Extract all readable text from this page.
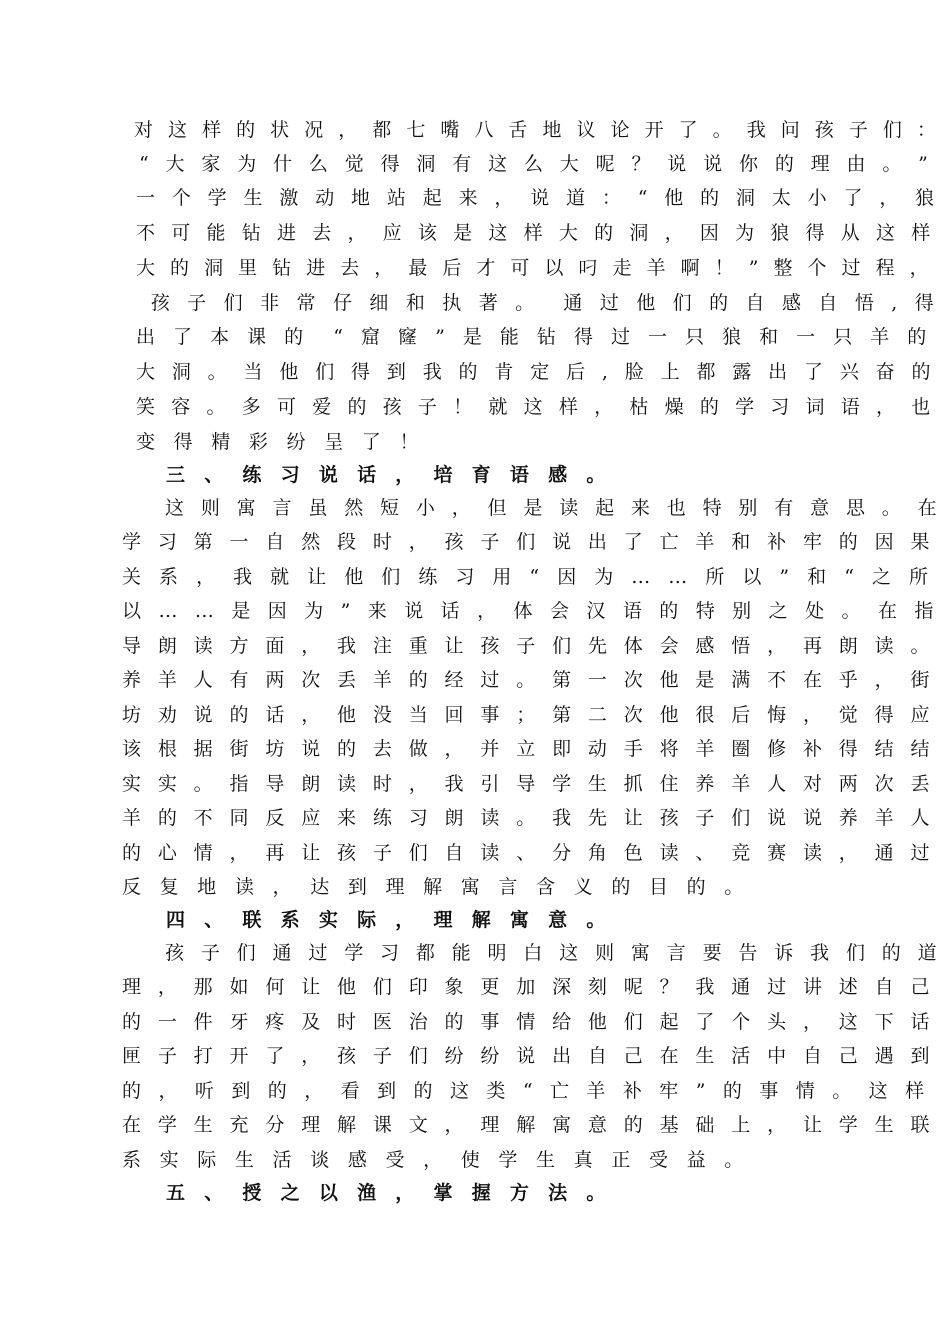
对 这 样 的 状 况 ， 都 七 嘴 八 舌 地 议 论 开 了 。 我 问 孩 子 们 ：
“ 大 家 为 什 么 觉 得 洞 有 这 么 大 呢 ？ 说 说 你 的 理 由 。 ”
一 个 学 生 激 动 地 站 起 来 ， 说 道 ： “ 他 的 洞 太 小 了 ， 狼
不 可 能 钻 进 去 ， 应 该 是 这 样 大 的 洞 ， 因 为 狼 得 从 这 样
大 的 洞 里 钻 进 去 ， 最 后 才 可 以 叼 走 羊 啊 ！ ” 整 个 过 程 ，
孩 子 们 非 常 仔 细 和 执 著 。  通 过 他 们 的 自 感 自 悟 , 得
出 了 本 课 的  “ 窟 窿 ” 是 能 钻 得 过 一 只 狼 和 一 只 羊 的
大 洞 。 当 他 们 得 到 我 的 肯 定 后 , 脸 上 都 露 出 了 兴 奋 的
笑 容 。 多 可 爱 的 孩 子 ！ 就 这 样 ， 枯 燥 的 学 习 词 语 ， 也
变 得 精 彩 纷 呈 了 ！
三 、 练 习 说 话 ， 培 育 语 感 。
这 则 寓 言 虽 然 短 小 ， 但 是 读 起 来 也 特 别 有 意 思 。 在
学 习 第 一 自 然 段 时 ， 孩 子 们 说 出 了 亡 羊 和 补 牢 的 因 果
关 系 ， 我 就 让 他 们 练 习 用 “ 因 为 … … 所 以 ” 和 “ 之 所
以 … … 是 因 为 ” 来 说 话 ， 体 会 汉 语 的 特 别 之 处 。 在 指
导 朗 读 方 面 ， 我 注 重 让 孩 子 们 先 体 会 感 悟 ， 再 朗 读 。
养 羊 人 有 两 次 丢 羊 的 经 过 。 第 一 次 他 是 满 不 在 乎 ， 街
坊 劝 说 的 话 ， 他 没 当 回 事 ； 第 二 次 他 很 后 悔 ， 觉 得 应
该 根 据 街 坊 说 的 去 做 ， 并 立 即 动 手 将 羊 圈 修 补 得 结 结
实 实 。 指 导 朗 读 时 ， 我 引 导 学 生 抓 住 养 羊 人 对 两 次 丢
羊 的 不 同 反 应 来 练 习 朗 读 。 我 先 让 孩 子 们 说 说 养 羊 人
的 心 情 ， 再 让 孩 子 们 自 读 、 分 角 色 读 、 竞 赛 读 ， 通 过
反 复 地 读 ， 达 到 理 解 寓 言 含 义 的 目 的 。
四 、 联 系 实 际 ， 理 解 寓 意 。
孩 子 们 通 过 学 习 都 能 明 白 这 则 寓 言 要 告 诉 我 们 的 道
理 ， 那 如 何 让 他 们 印 象 更 加 深 刻 呢 ？ 我 通 过 讲 述 自 己
的 一 件 牙 疼 及 时 医 治 的 事 情 给 他 们 起 了 个 头 ， 这 下 话
匣 子 打 开 了 ， 孩 子 们 纷 纷 说 出 自 己 在 生 活 中 自 己 遇 到
的 ， 听 到 的 ， 看 到 的 这 类 “ 亡 羊 补 牢 ” 的 事 情 。 这 样
在 学 生 充 分 理 解 课 文 ， 理 解 寓 意 的 基 础 上 ， 让 学 生 联
系 实 际 生 活 谈 感 受 ， 使 学 生 真 正 受 益 。
五 、 授 之 以 渔 ， 掌 握 方 法 。
